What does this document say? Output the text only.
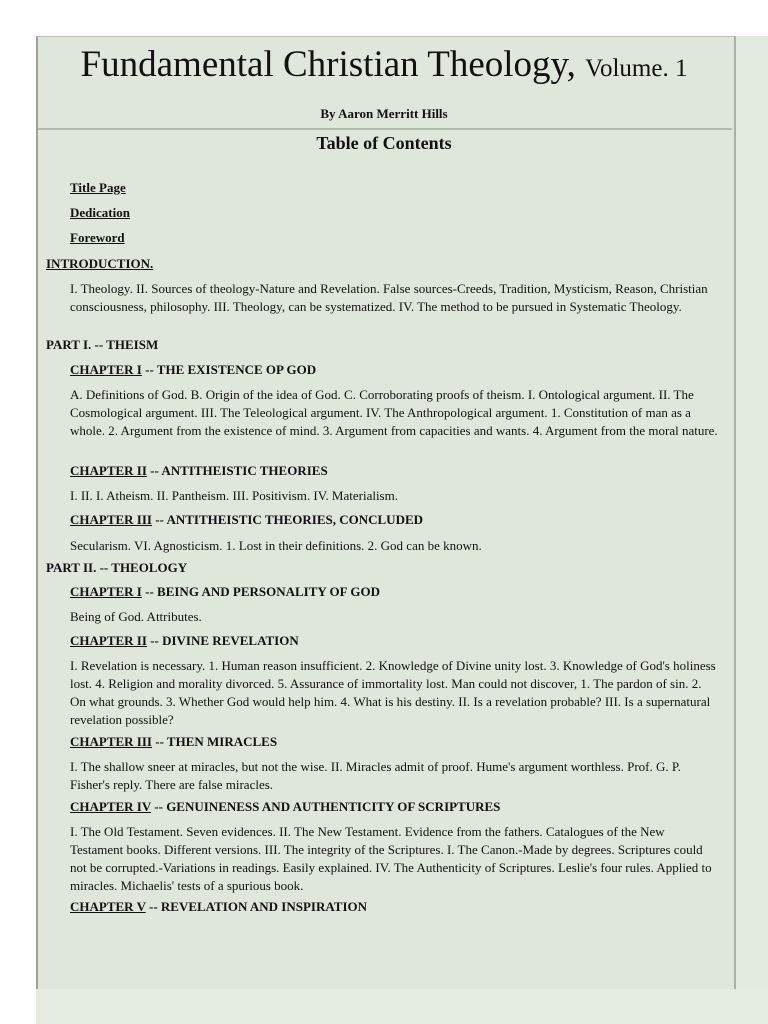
Fundamental Christian Theology, Volume. 1
By Aaron Merritt Hills
Table of Contents
Title Page
Dedication
Foreword
INTRODUCTION.
I. Theology. II. Sources of theology-Nature and Revelation. False sources-Creeds, Tradition, Mysticism, Reason, Christian consciousness, philosophy. III. Theology, can be systematized. IV. The method to be pursued in Systematic Theology.
PART I. -- THEISM
CHAPTER I -- THE EXISTENCE OP GOD
A. Definitions of God. B. Origin of the idea of God. C. Corroborating proofs of theism. I. Ontological argument. II. The Cosmological argument. III. The Teleological argument. IV. The Anthropological argument. 1. Constitution of man as a whole. 2. Argument from the existence of mind. 3. Argument from capacities and wants. 4. Argument from the moral nature.
CHAPTER II -- ANTITHEISTIC THEORIES
I. II. I. Atheism. II. Pantheism. III. Positivism. IV. Materialism.
CHAPTER III -- ANTITHEISTIC THEORIES, CONCLUDED
Secularism. VI. Agnosticism. 1. Lost in their definitions. 2. God can be known.
PART II. -- THEOLOGY
CHAPTER I -- BEING AND PERSONALITY OF GOD
Being of God. Attributes.
CHAPTER II -- DIVINE REVELATION
I. Revelation is necessary. 1. Human reason insufficient. 2. Knowledge of Divine unity lost. 3. Knowledge of God's holiness lost. 4. Religion and morality divorced. 5. Assurance of immortality lost. Man could not discover, 1. The pardon of sin. 2. On what grounds. 3. Whether God would help him. 4. What is his destiny. II. Is a revelation probable? III. Is a supernatural revelation possible?
CHAPTER III -- THEN MIRACLES
I. The shallow sneer at miracles, but not the wise. II. Miracles admit of proof. Hume's argument worthless. Prof. G. P. Fisher's reply. There are false miracles.
CHAPTER IV -- GENUINENESS AND AUTHENTICITY OF SCRIPTURES
I. The Old Testament. Seven evidences. II. The New Testament. Evidence from the fathers. Catalogues of the New Testament books. Different versions. III. The integrity of the Scriptures. I. The Canon.-Made by degrees. Scriptures could not be corrupted.-Variations in readings. Easily explained. IV. The Authenticity of Scriptures. Leslie's four rules. Applied to miracles. Michaelis' tests of a spurious book.
CHAPTER V -- REVELATION AND INSPIRATION
